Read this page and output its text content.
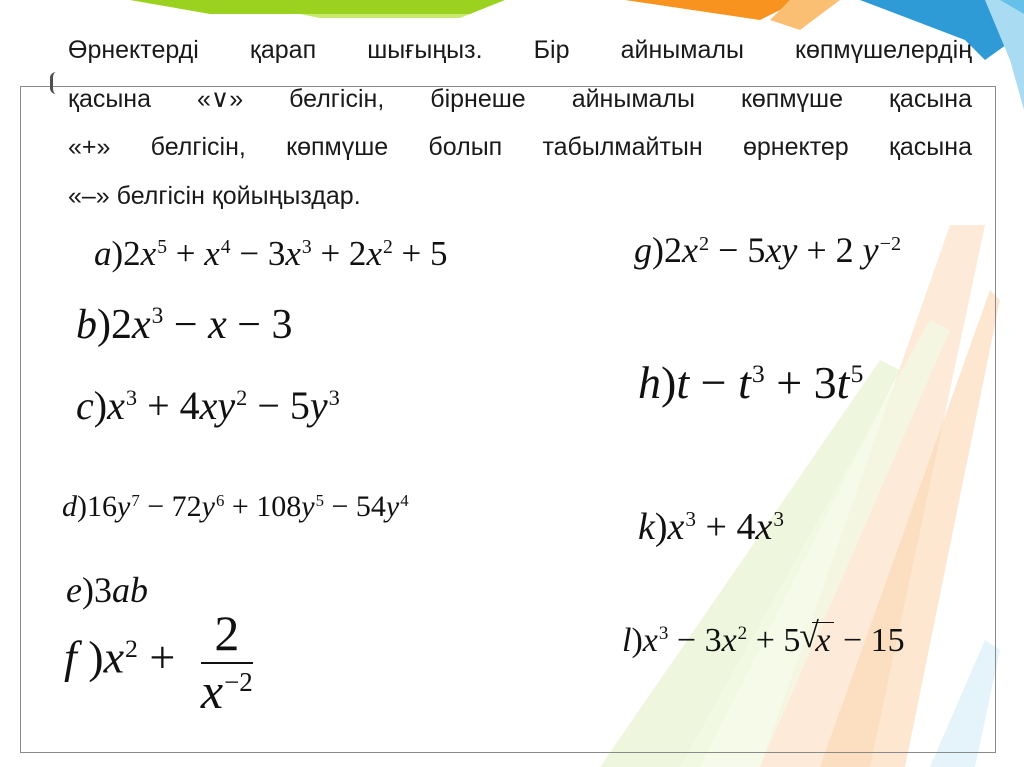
Өрнектерді қарап шығыңыз. Бір айнымалы көпмүшелердің
қасына «∨» белгісін, бірнеше айнымалы көпмүше қасына
«+» белгісін, көпмүше болып табылмайтын өрнектер қасына
«–» белгісін қойыңыздар.

$a)2x^5 + x^4 - 3x^3 + 2x^2 + 5$
$b)2x^3 - x - 3$
$c)x^3 + 4xy^2 - 5y^3$
$d)16y^7 - 72y^6 + 108y^5 - 54y^4$
e)3ab
f )$x^2 + \frac{2}{x^{-2}}$
$g)2x^2 - 5xy + 2$ $y^{-2}$
$h)t - t^3 + 3t^5$
$k)x^3 + 4x^3$
$l)x^3 - 3x^2 + 5$ √
x − 15
